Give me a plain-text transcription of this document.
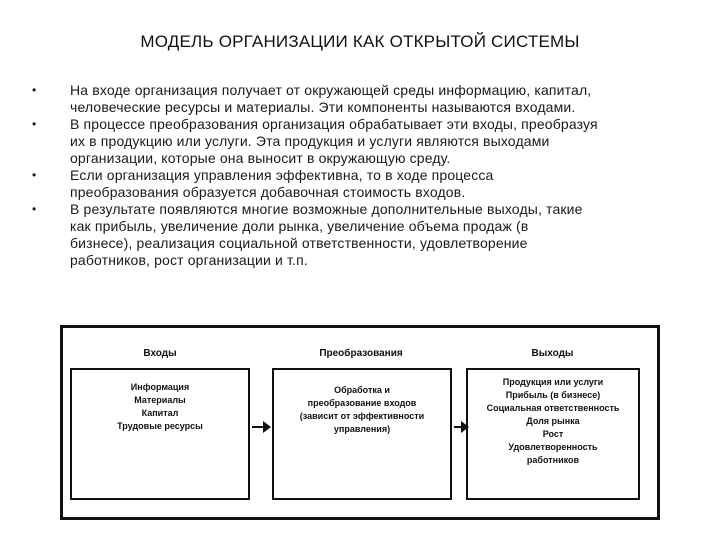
МОДЕЛЬ ОРГАНИЗАЦИИ КАК ОТКРЫТОЙ СИСТЕМЫ
• На входе организация получает от окружающей среды информацию, капитал,
человеческие ресурсы и материалы. Эти компоненты называются входами.
• В процессе преобразования организация обрабатывает эти входы, преобразуя
их в продукцию или услуги. Эта продукция и услуги являются выходами
организации, которые она выносит в окружающую среду.
• Если организация управления эффективна, то в ходе процесса
преобразования образуется добавочная стоимость входов.
• В результате появляются многие возможные дополнительные выходы, такие
как прибыль, увеличение доли рынка, увеличение объема продаж (в
бизнесе), реализация социальной ответственности, удовлетворение
работников, рост организации и т.п.
Входы	Преобразования	Выходы
Информация
Материалы
Капитал
Трудовые ресурсы
Обработка и
преобразование входов
(зависит от эффективности
управления)
Продукция или услуги
Прибыль (в бизнесе)
Социальная ответственность
Доля рынка
Рост
Удовлетворенность
работников
